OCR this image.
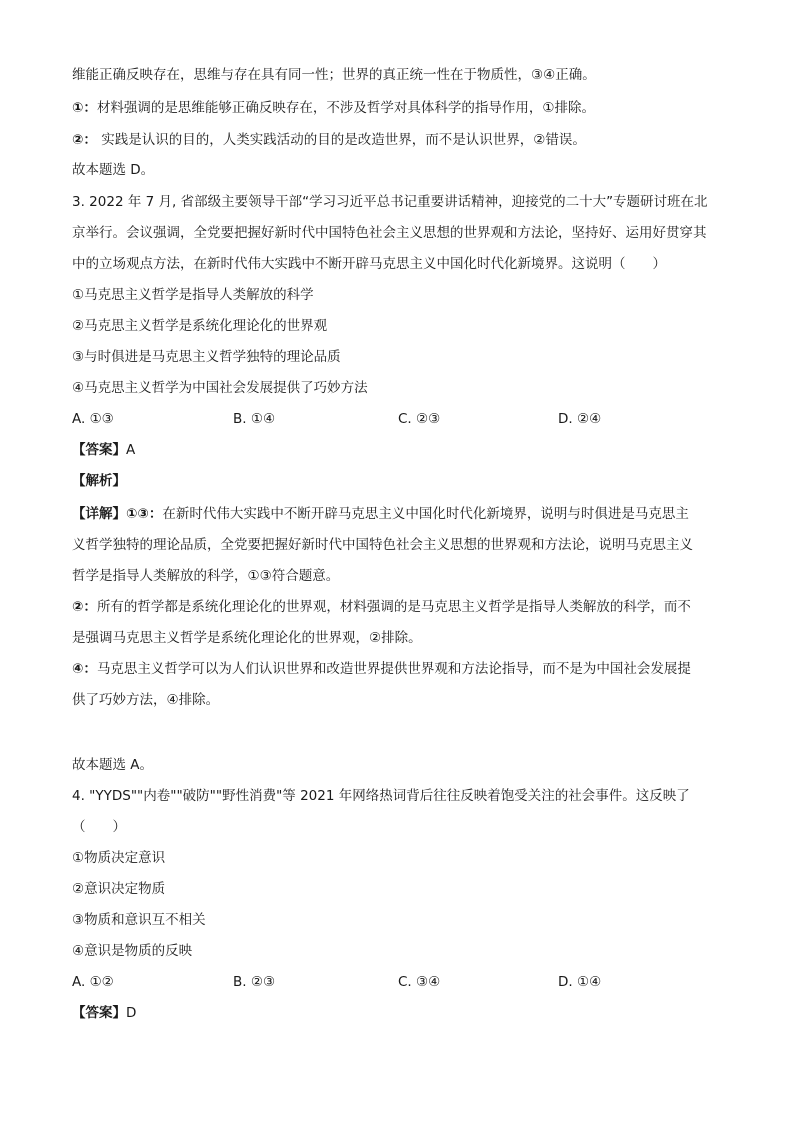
维能正确反映存在，思维与存在具有同一性；世界的真正统一性在于物质性，③④正确。
①：材料强调的是思维能够正确反映存在，不涉及哲学对具体科学的指导作用，①排除。
②： 实践是认识的目的，人类实践活动的目的是改造世界，而不是认识世界，②错误。
故本题选 D。
3. 2022 年 7 月, 省部级主要领导干部“学习习近平总书记重要讲话精神，迎接党的二十大”专题研讨班在北
京举行。会议强调，全党要把握好新时代中国特色社会主义思想的世界观和方法论，坚持好、运用好贯穿其
中的立场观点方法，在新时代伟大实践中不断开辟马克思主义中国化时代化新境界。这说明（　　）
①马克思主义哲学是指导人类解放的科学
②马克思主义哲学是系统化理论化的世界观
③与时俱进是马克思主义哲学独特的理论品质
④马克思主义哲学为中国社会发展提供了巧妙方法
A. ①③	B. ①④	C. ②③	D. ②④
【答案】A
【解析】
【详解】①③：在新时代伟大实践中不断开辟马克思主义中国化时代化新境界，说明与时俱进是马克思主
义哲学独特的理论品质，全党要把握好新时代中国特色社会主义思想的世界观和方法论，说明马克思主义
哲学是指导人类解放的科学，①③符合题意。
②：所有的哲学都是系统化理论化的世界观，材料强调的是马克思主义哲学是指导人类解放的科学，而不
是强调马克思主义哲学是系统化理论化的世界观，②排除。
④：马克思主义哲学可以为人们认识世界和改造世界提供世界观和方法论指导，而不是为中国社会发展提
供了巧妙方法，④排除。
故本题选 A。
4. "YYDS""内卷""破防""野性消费"等 2021 年网络热词背后往往反映着饱受关注的社会事件。这反映了
（　　）
①物质决定意识
②意识决定物质
③物质和意识互不相关
④意识是物质的反映
A. ①②	B. ②③	C. ③④	D. ①④
【答案】D
